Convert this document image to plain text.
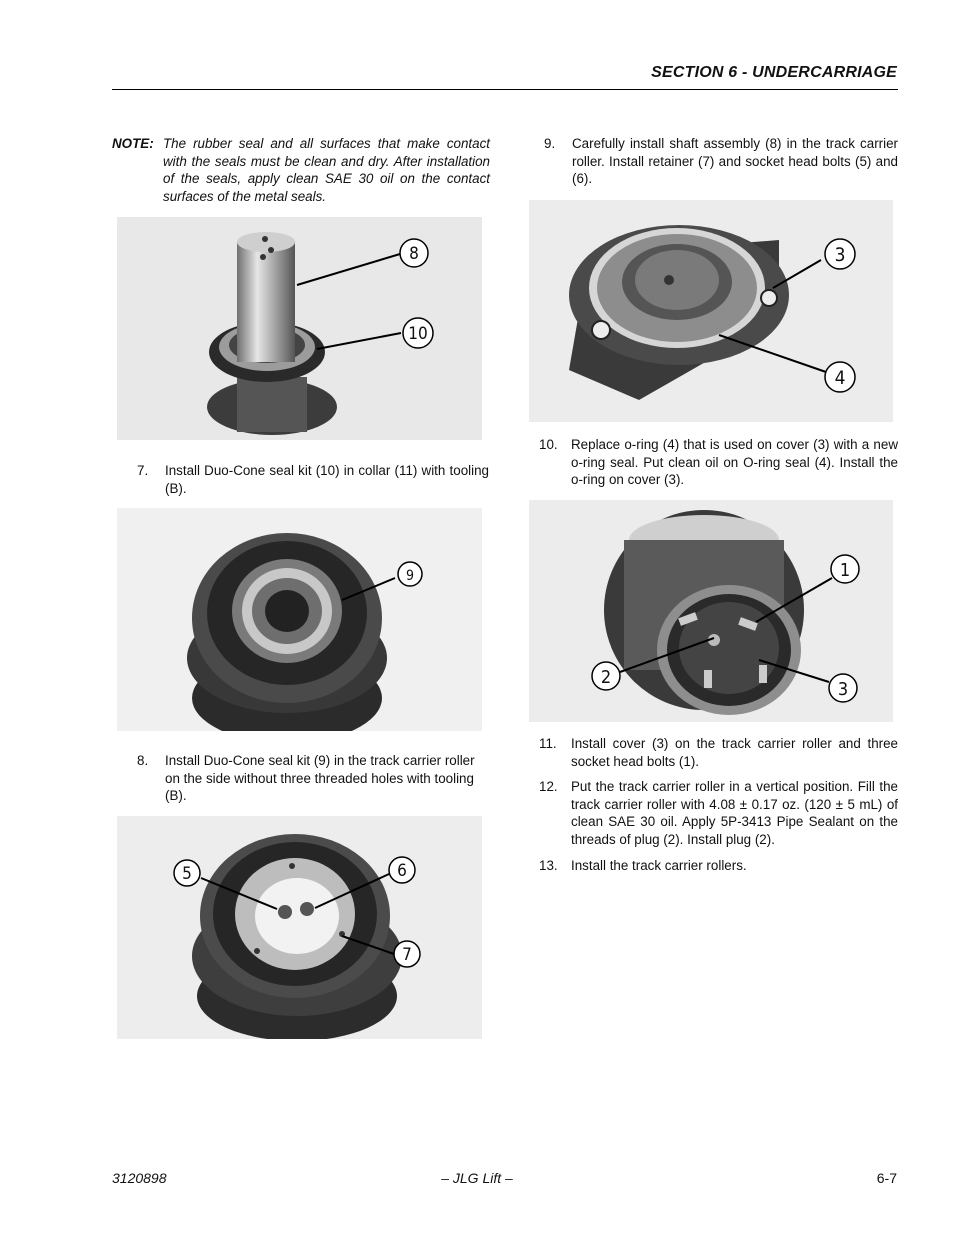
SECTION 6 - UNDERCARRIAGE
NOTE: The rubber seal and all surfaces that make contact with the seals must be clean and dry. After installation of the seals, apply clean SAE 30 oil on the contact surfaces of the metal seals.
8
10
7. Install Duo-Cone seal kit (10) in collar (11) with tooling (B).
9
8. Install Duo-Cone seal kit (9) in the track carrier roller on the side without three threaded holes with tooling (B).
5	6
7
9. Carefully install shaft assembly (8) in the track carrier roller. Install retainer (7) and socket head bolts (5) and (6).
3
4
10. Replace o-ring (4) that is used on cover (3) with a new o-ring seal. Put clean oil on O-ring seal (4). Install the o-ring on cover (3).
1
2
3
11. Install cover (3) on the track carrier roller and three socket head bolts (1).
12. Put the track carrier roller in a vertical position. Fill the track carrier roller with 4.08 ± 0.17 oz. (120 ± 5 mL) of clean SAE 30 oil. Apply 5P-3413 Pipe Sealant on the threads of plug (2). Install plug (2).
13. Install the track carrier rollers.
– JLG Lift –
3120898	6-7
